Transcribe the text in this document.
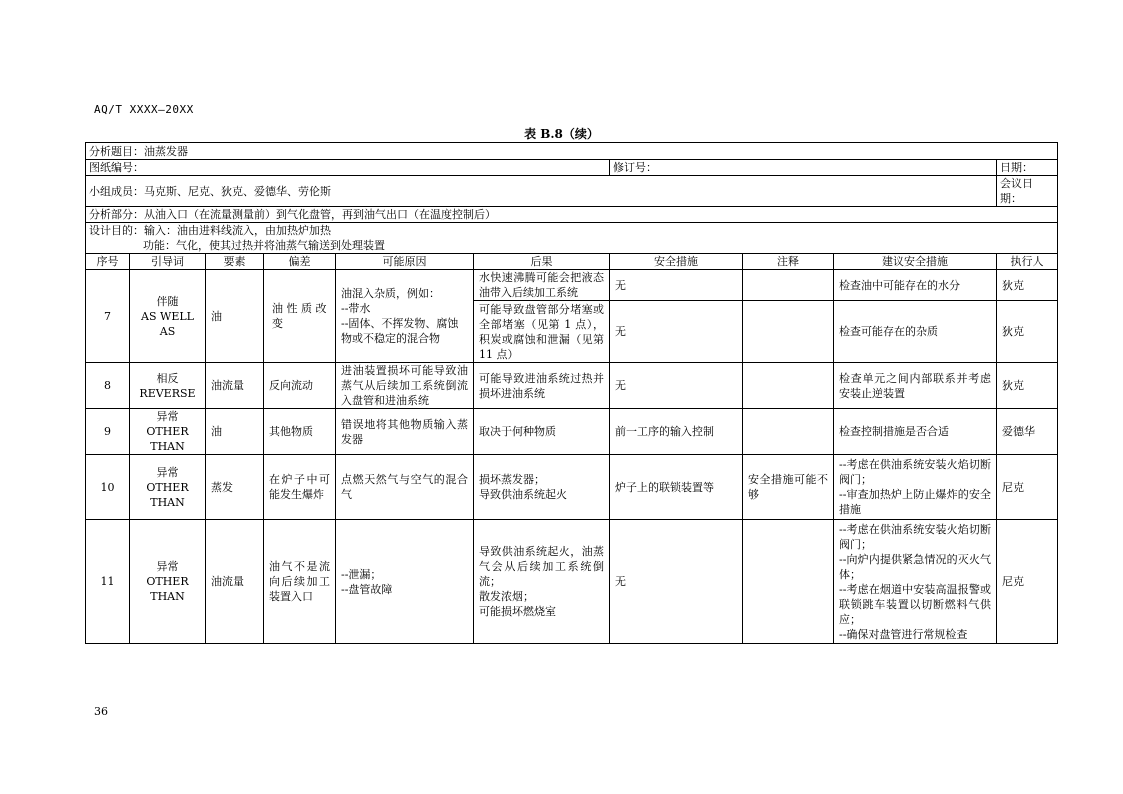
AQ/T XXXX—20XX
表 B.8（续）
分析题目：油蒸发器									
图纸编号：						修订号：			日期：
小组成员：马克斯、尼克、狄克、爱德华、劳伦斯									会议日期：
分析部分：从油入口（在流量测量前）到气化盘管，再到油气出口（在温度控制后）									
设计目的：输入：油由进料线流入，由加热炉加热
功能：气化，使其过热并将油蒸气输送到处理装置									

序号	引导词	要素	偏差	可能原因	后果	安全措施	注释	建议安全措施	执行人
7	伴随
AS WELL
AS	油	油 性 质 改
变	油混入杂质，例如：
--带水
--固体、不挥发物、腐蚀物或不稳定的混合物	水快速沸腾可能会把液态油带入后续加工系统	无		检查油中可能存在的水分	狄克
					可能导致盘管部分堵塞或全部堵塞（见第 1 点），积炭或腐蚀和泄漏（见第 11 点）	无		检查可能存在的杂质	狄克
8	相反
REVERSE	油流量	反向流动	进油装置损坏可能导致油蒸气从后续加工系统倒流入盘管和进油系统	可能导致进油系统过热并损坏进油系统	无		检查单元之间内部联系并考虑安装止逆装置	狄克
9	异常
OTHER
THAN	油	其他物质	错误地将其他物质输入蒸发器	取决于何种物质	前一工序的输入控制		检查控制措施是否合适	爱德华
10	异常
OTHER
THAN	蒸发	在炉子中可能发生爆炸	点燃天然气与空气的混合气	损坏蒸发器；
导致供油系统起火	炉子上的联锁装置等	安全措施可能不够	--考虑在供油系统安装火焰切断阀门；
--审查加热炉上防止爆炸的安全措施	尼克
11	异常
OTHER
THAN	油流量	油气不是流向后续加工装置入口	--泄漏；
--盘管故障	导致供油系统起火，油蒸气会从后续加工系统倒流；
散发浓烟；
可能损坏燃烧室	无		--考虑在供油系统安装火焰切断阀门；
--向炉内提供紧急情况的灭火气体；
--考虑在烟道中安装高温报警或联锁跳车装置以切断燃料气供应；
--确保对盘管进行常规检查	尼克
36
